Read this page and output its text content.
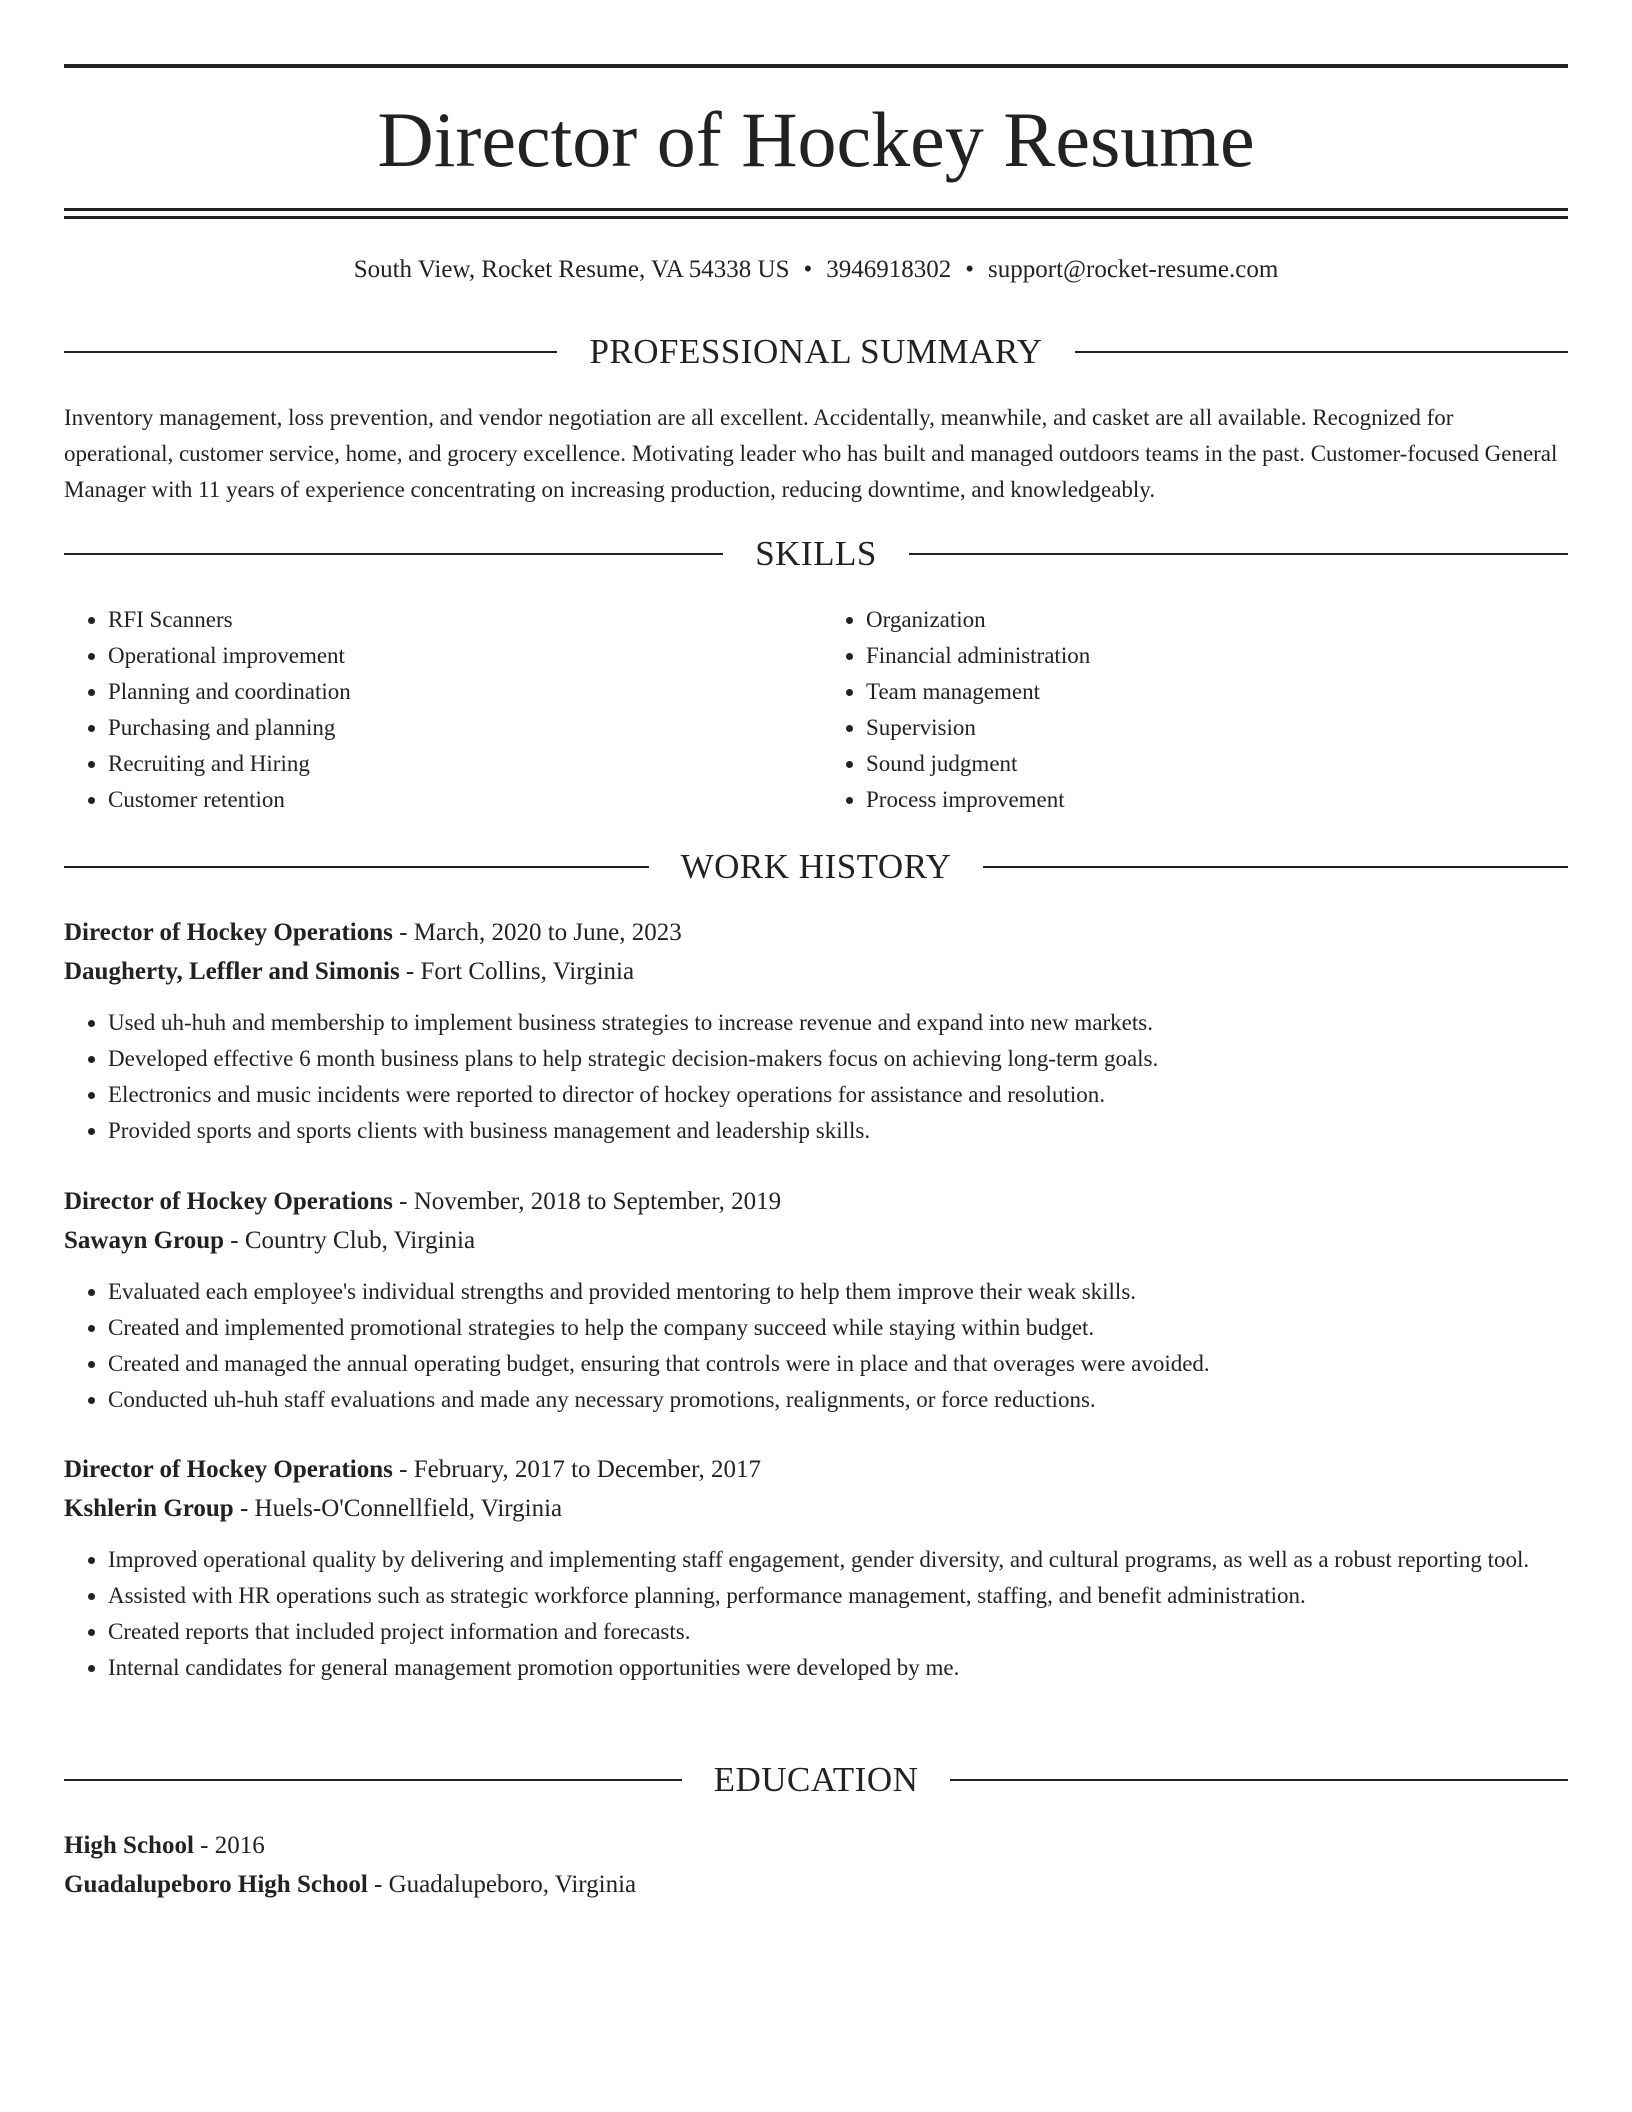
Director of Hockey Resume
South View, Rocket Resume, VA 54338 US • 3946918302 • support@rocket-resume.com
PROFESSIONAL SUMMARY

Inventory management, loss prevention, and vendor negotiation are all excellent. Accidentally, meanwhile, and casket are all available. Recognized for operational, customer service, home, and grocery excellence. Motivating leader who has built and managed outdoors teams in the past. Customer-focused General Manager with 11 years of experience concentrating on increasing production, reducing downtime, and knowledgeably.

SKILLS
• RFI Scanners
• Operational improvement
• Planning and coordination
• Purchasing and planning
• Recruiting and Hiring
• Customer retention
• Organization
• Financial administration
• Team management
• Supervision
• Sound judgment
• Process improvement
WORK HISTORY
Director of Hockey Operations - March, 2020 to June, 2023
Daugherty, Leffler and Simonis - Fort Collins, Virginia
• Used uh-huh and membership to implement business strategies to increase revenue and expand into new markets.
• Developed effective 6 month business plans to help strategic decision-makers focus on achieving long-term goals.
• Electronics and music incidents were reported to director of hockey operations for assistance and resolution.
• Provided sports and sports clients with business management and leadership skills.
Director of Hockey Operations - November, 2018 to September, 2019
Sawayn Group - Country Club, Virginia
• Evaluated each employee's individual strengths and provided mentoring to help them improve their weak skills.
• Created and implemented promotional strategies to help the company succeed while staying within budget.
• Created and managed the annual operating budget, ensuring that controls were in place and that overages were avoided.
• Conducted uh-huh staff evaluations and made any necessary promotions, realignments, or force reductions.
Director of Hockey Operations - February, 2017 to December, 2017
Kshlerin Group - Huels-O'Connellfield, Virginia
• Improved operational quality by delivering and implementing staff engagement, gender diversity, and cultural programs, as well as a robust reporting tool.
• Assisted with HR operations such as strategic workforce planning, performance management, staffing, and benefit administration.
• Created reports that included project information and forecasts.
• Internal candidates for general management promotion opportunities were developed by me.
EDUCATION
High School - 2016
Guadalupeboro High School - Guadalupeboro, Virginia
